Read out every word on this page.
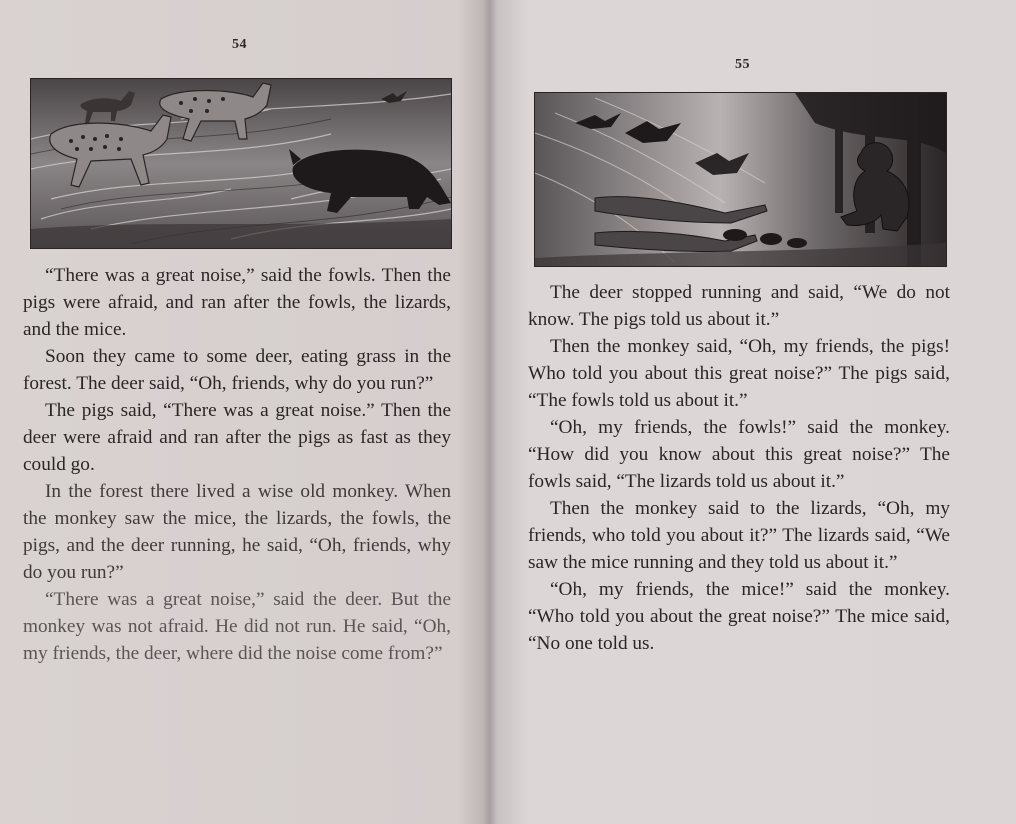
54

“There was a great noise,” said the fowls. Then the pigs were afraid, and ran after the fowls, the lizards, and the mice.

Soon they came to some deer, eating grass in the forest. The deer said, “Oh, friends, why do you run?”

The pigs said, “There was a great noise.” Then the deer were afraid and ran after the pigs as fast as they could go.

In the forest there lived a wise old monkey. When the monkey saw the mice, the lizards, the fowls, the pigs, and the deer running, he said, “Oh, friends, why do you run?”

“There was a great noise,” said the deer. But the monkey was not afraid. He did not run. He said, “Oh, my friends, the deer, where did the noise come from?”

55

The deer stopped running and said, “We do not know. The pigs told us about it.”

Then the monkey said, “Oh, my friends, the pigs! Who told you about this great noise?” The pigs said, “The fowls told us about it.”

“Oh, my friends, the fowls!” said the monkey. “How did you know about this great noise?” The fowls said, “The lizards told us about it.”

Then the monkey said to the lizards, “Oh, my friends, who told you about it?” The lizards said, “We saw the mice running and they told us about it.”

“Oh, my friends, the mice!” said the monkey. “Who told you about the great noise?” The mice said, “No one told us.
